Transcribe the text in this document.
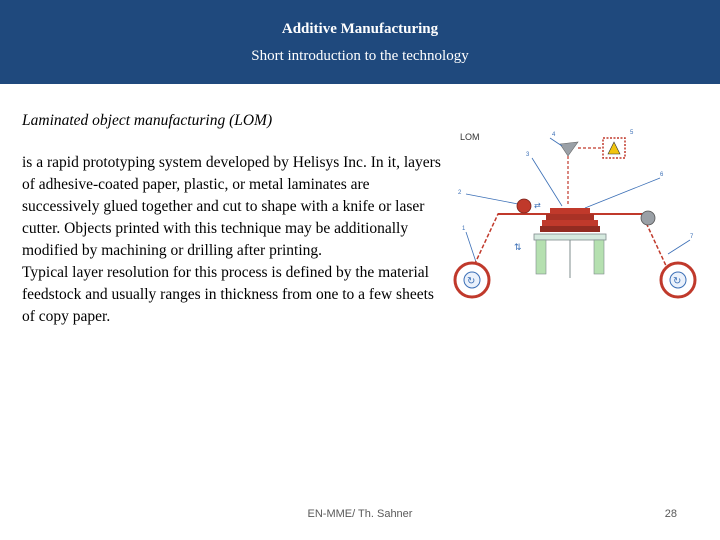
Additive Manufacturing
Short introduction to the technology
Laminated object manufacturing (LOM)

is a rapid prototyping system developed by Helisys Inc. In it, layers of adhesive-coated paper, plastic, or metal laminates are successively glued together and cut to shape with a knife or laser cutter. Objects printed with this technique may be additionally modified by machining or drilling after printing.

Typical layer resolution for this process is defined by the material feedstock and usually ranges in thickness from one to a few sheets of copy paper.

LOM
1
2
3
4	5
6
7
⇄
⇅
↻	↻
EN-MME/ Th. Sahner	28
